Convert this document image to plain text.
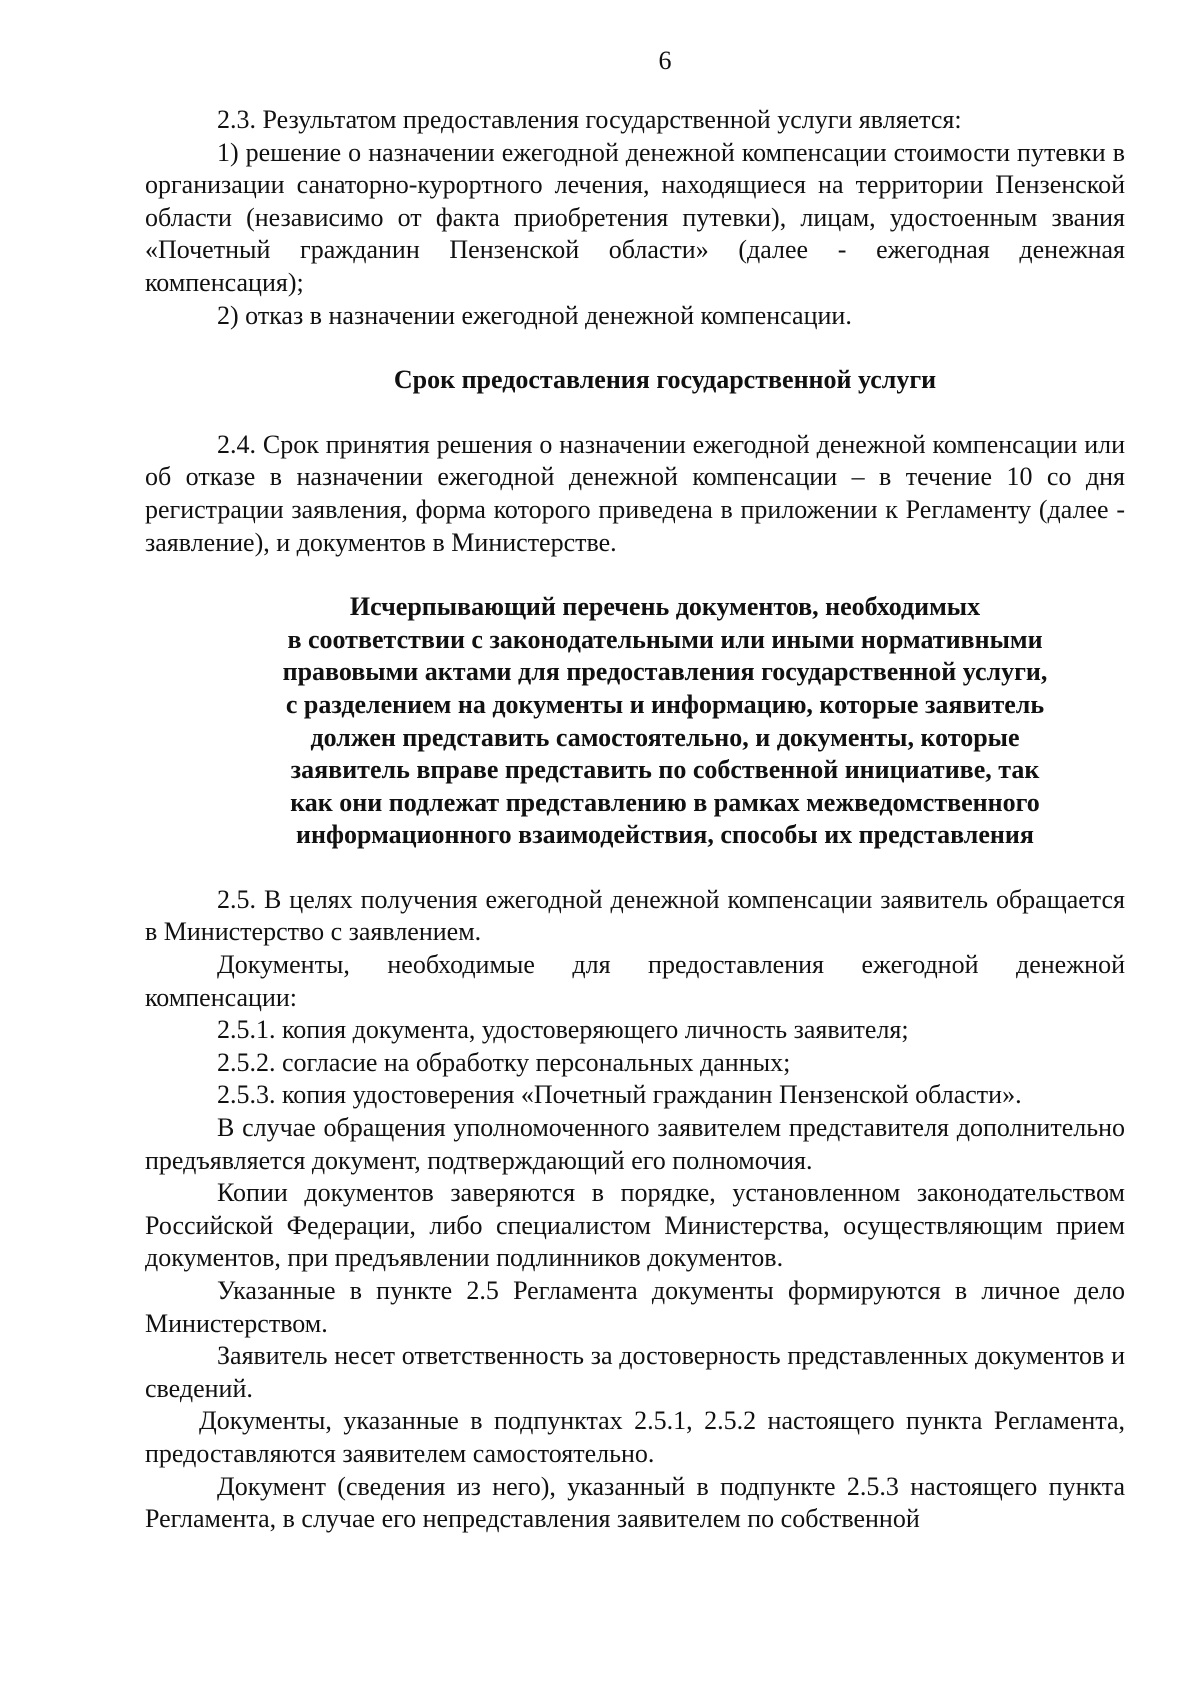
6

2.3. Результатом предоставления государственной услуги является:

1) решение о назначении ежегодной денежной компенсации стоимости путевки в организации санаторно-курортного лечения, находящиеся на территории Пензенской области (независимо от факта приобретения путевки), лицам, удостоенным звания «Почетный гражданин Пензенской области» (далее - ежегодная денежная компенсация);

2) отказ в назначении ежегодной денежной компенсации.

Срок предоставления государственной услуги

2.4. Срок принятия решения о назначении ежегодной денежной компенсации или об отказе в назначении ежегодной денежной компенсации – в течение 10 со дня регистрации заявления, форма которого приведена в приложении к Регламенту (далее - заявление), и документов в Министерстве.

Исчерпывающий перечень документов, необходимых
в соответствии с законодательными или иными нормативными
правовыми актами для предоставления государственной услуги,
с разделением на документы и информацию, которые заявитель
должен представить самостоятельно, и документы, которые
заявитель вправе представить по собственной инициативе, так
как они подлежат представлению в рамках межведомственного
информационного взаимодействия, способы их представления

2.5. В целях получения ежегодной денежной компенсации заявитель обращается в Министерство с заявлением.

Документы, необходимые для предоставления ежегодной денежной компенсации:

2.5.1. копия документа, удостоверяющего личность заявителя;

2.5.2. согласие на обработку персональных данных;

2.5.3. копия удостоверения «Почетный гражданин Пензенской области».

В случае обращения уполномоченного заявителем представителя дополнительно предъявляется документ, подтверждающий его полномочия.

Копии документов заверяются в порядке, установленном законодательством Российской Федерации, либо специалистом Министерства, осуществляющим прием документов, при предъявлении подлинников документов.

Указанные в пункте 2.5 Регламента документы формируются в личное дело Министерством.

Заявитель несет ответственность за достоверность представленных документов и сведений.

Документы, указанные в подпунктах 2.5.1, 2.5.2 настоящего пункта Регламента, предоставляются заявителем самостоятельно.

Документ (сведения из него), указанный в подпункте 2.5.3 настоящего пункта Регламента, в случае его непредставления заявителем по собственной
